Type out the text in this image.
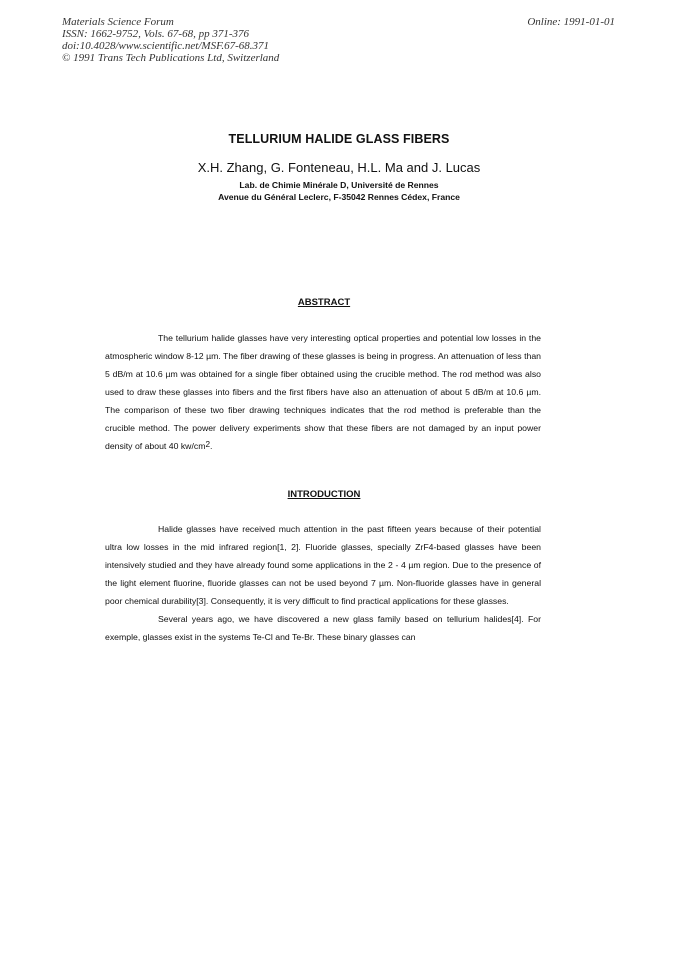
Materials Science Forum
ISSN: 1662-9752, Vols. 67-68, pp 371-376
doi:10.4028/www.scientific.net/MSF.67-68.371
© 1991 Trans Tech Publications Ltd, Switzerland
Online: 1991-01-01
TELLURIUM HALIDE GLASS FIBERS
X.H. Zhang, G. Fonteneau, H.L. Ma and J. Lucas
Lab. de Chimie Minérale D, Université de Rennes
Avenue du Général Leclerc, F-35042 Rennes Cédex, France
ABSTRACT

The tellurium halide glasses have very interesting optical properties and potential low losses in the atmospheric window 8-12 µm. The fiber drawing of these glasses is being in progress. An attenuation of less than 5 dB/m at 10.6 µm was obtained for a single fiber obtained using the crucible method. The rod method was also used to draw these glasses into fibers and the first fibers have also an attenuation of about 5 dB/m at 10.6 µm. The comparison of these two fiber drawing techniques indicates that the rod method is preferable than the crucible method. The power delivery experiments show that these fibers are not damaged by an input power density of about 40 $kw/cm^2$.

INTRODUCTION

Halide glasses have received much attention in the past fifteen years because of their potential ultra low losses in the mid infrared region[1, 2]. Fluoride glasses, specially ZrF4-based glasses have been intensively studied and they have already found some applications in the 2 - 4 µm region. Due to the presence of the light element fluorine, fluoride glasses can not be used beyond 7 µm. Non-fluoride glasses have in general poor chemical durability[3]. Consequently, it is very difficult to find practical applications for these glasses.

Several years ago, we have discovered a new glass family based on tellurium halides[4]. For exemple, glasses exist in the systems Te-Cl and Te-Br. These binary glasses can
